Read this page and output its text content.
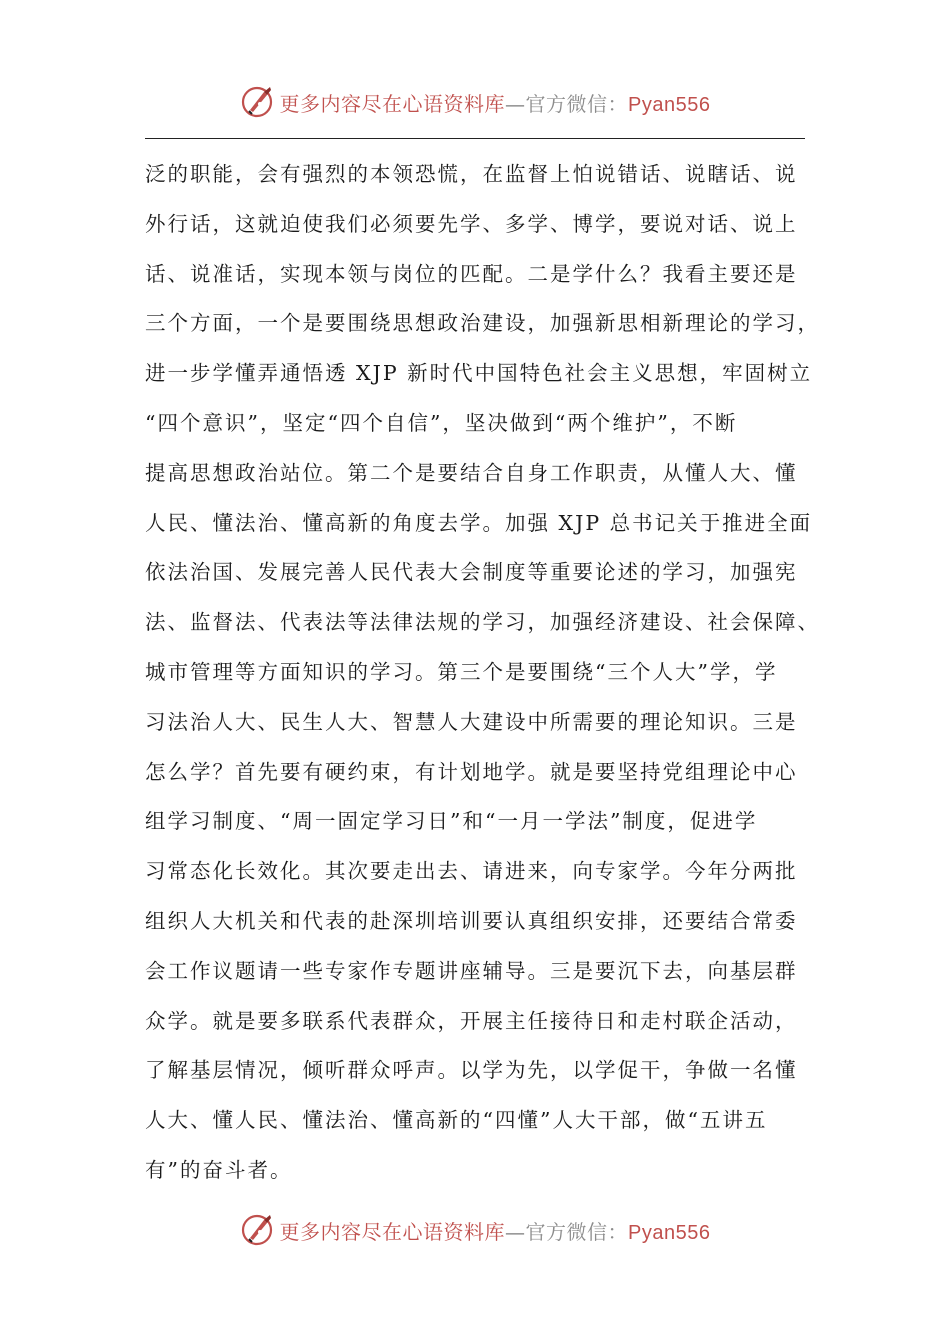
更多内容尽在心语资料库—官方微信：Pyan556
泛的职能，会有强烈的本领恐慌，在监督上怕说错话、说瞎话、说
外行话，这就迫使我们必须要先学、多学、博学，要说对话、说上
话、说准话，实现本领与岗位的匹配。二是学什么？我看主要还是
三个方面，一个是要围绕思想政治建设，加强新思相新理论的学习，
进一步学懂弄通悟透 XJP 新时代中国特色社会主义思想，牢固树立
“四个意识”，坚定“四个自信”，坚决做到“两个维护”，不断
提高思想政治站位。第二个是要结合自身工作职责，从懂人大、懂
人民、懂法治、懂高新的角度去学。加强 XJP 总书记关于推进全面
依法治国、发展完善人民代表大会制度等重要论述的学习，加强宪
法、监督法、代表法等法律法规的学习，加强经济建设、社会保障、
城市管理等方面知识的学习。第三个是要围绕“三个人大”学，学
习法治人大、民生人大、智慧人大建设中所需要的理论知识。三是
怎么学？首先要有硬约束，有计划地学。就是要坚持党组理论中心
组学习制度、“周一固定学习日”和“一月一学法”制度，促进学
习常态化长效化。其次要走出去、请进来，向专家学。今年分两批
组织人大机关和代表的赴深圳培训要认真组织安排，还要结合常委
会工作议题请一些专家作专题讲座辅导。三是要沉下去，向基层群
众学。就是要多联系代表群众，开展主任接待日和走村联企活动，
了解基层情况，倾听群众呼声。以学为先，以学促干，争做一名懂
人大、懂人民、懂法治、懂高新的“四懂”人大干部，做“五讲五
有”的奋斗者。
更多内容尽在心语资料库—官方微信：Pyan556
